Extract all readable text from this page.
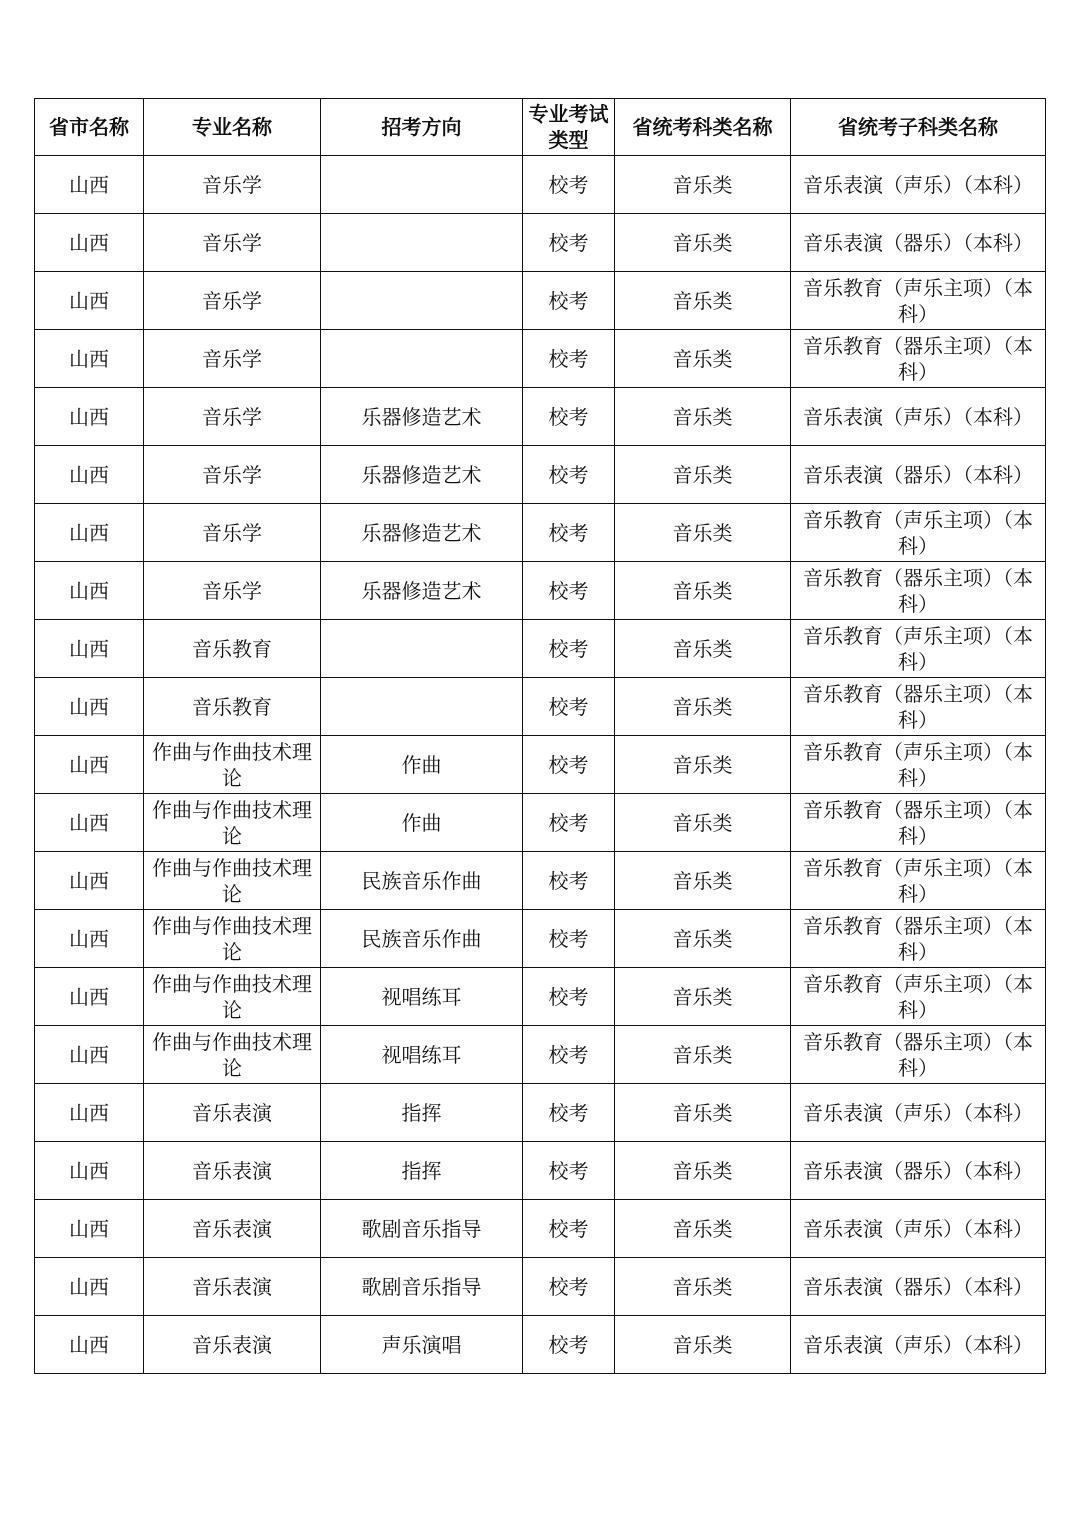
省市名称	专业名称	招考方向	专业考试类型	省统考科类名称	省统考子科类名称
山西	音乐学		校考	音乐类	音乐表演（声乐）（本科）
山西	音乐学		校考	音乐类	音乐表演（器乐）（本科）
山西	音乐学		校考	音乐类	音乐教育（声乐主项）（本科）
山西	音乐学		校考	音乐类	音乐教育（器乐主项）（本科）
山西	音乐学	乐器修造艺术	校考	音乐类	音乐表演（声乐）（本科）
山西	音乐学	乐器修造艺术	校考	音乐类	音乐表演（器乐）（本科）
山西	音乐学	乐器修造艺术	校考	音乐类	音乐教育（声乐主项）（本科）
山西	音乐学	乐器修造艺术	校考	音乐类	音乐教育（器乐主项）（本科）
山西	音乐教育		校考	音乐类	音乐教育（声乐主项）（本科）
山西	音乐教育		校考	音乐类	音乐教育（器乐主项）（本科）
山西	作曲与作曲技术理论	作曲	校考	音乐类	音乐教育（声乐主项）（本科）
山西	作曲与作曲技术理论	作曲	校考	音乐类	音乐教育（器乐主项）（本科）
山西	作曲与作曲技术理论	民族音乐作曲	校考	音乐类	音乐教育（声乐主项）（本科）
山西	作曲与作曲技术理论	民族音乐作曲	校考	音乐类	音乐教育（器乐主项）（本科）
山西	作曲与作曲技术理论	视唱练耳	校考	音乐类	音乐教育（声乐主项）（本科）
山西	作曲与作曲技术理论	视唱练耳	校考	音乐类	音乐教育（器乐主项）（本科）
山西	音乐表演	指挥	校考	音乐类	音乐表演（声乐）（本科）
山西	音乐表演	指挥	校考	音乐类	音乐表演（器乐）（本科）
山西	音乐表演	歌剧音乐指导	校考	音乐类	音乐表演（声乐）（本科）
山西	音乐表演	歌剧音乐指导	校考	音乐类	音乐表演（器乐）（本科）
山西	音乐表演	声乐演唱	校考	音乐类	音乐表演（声乐）（本科）
